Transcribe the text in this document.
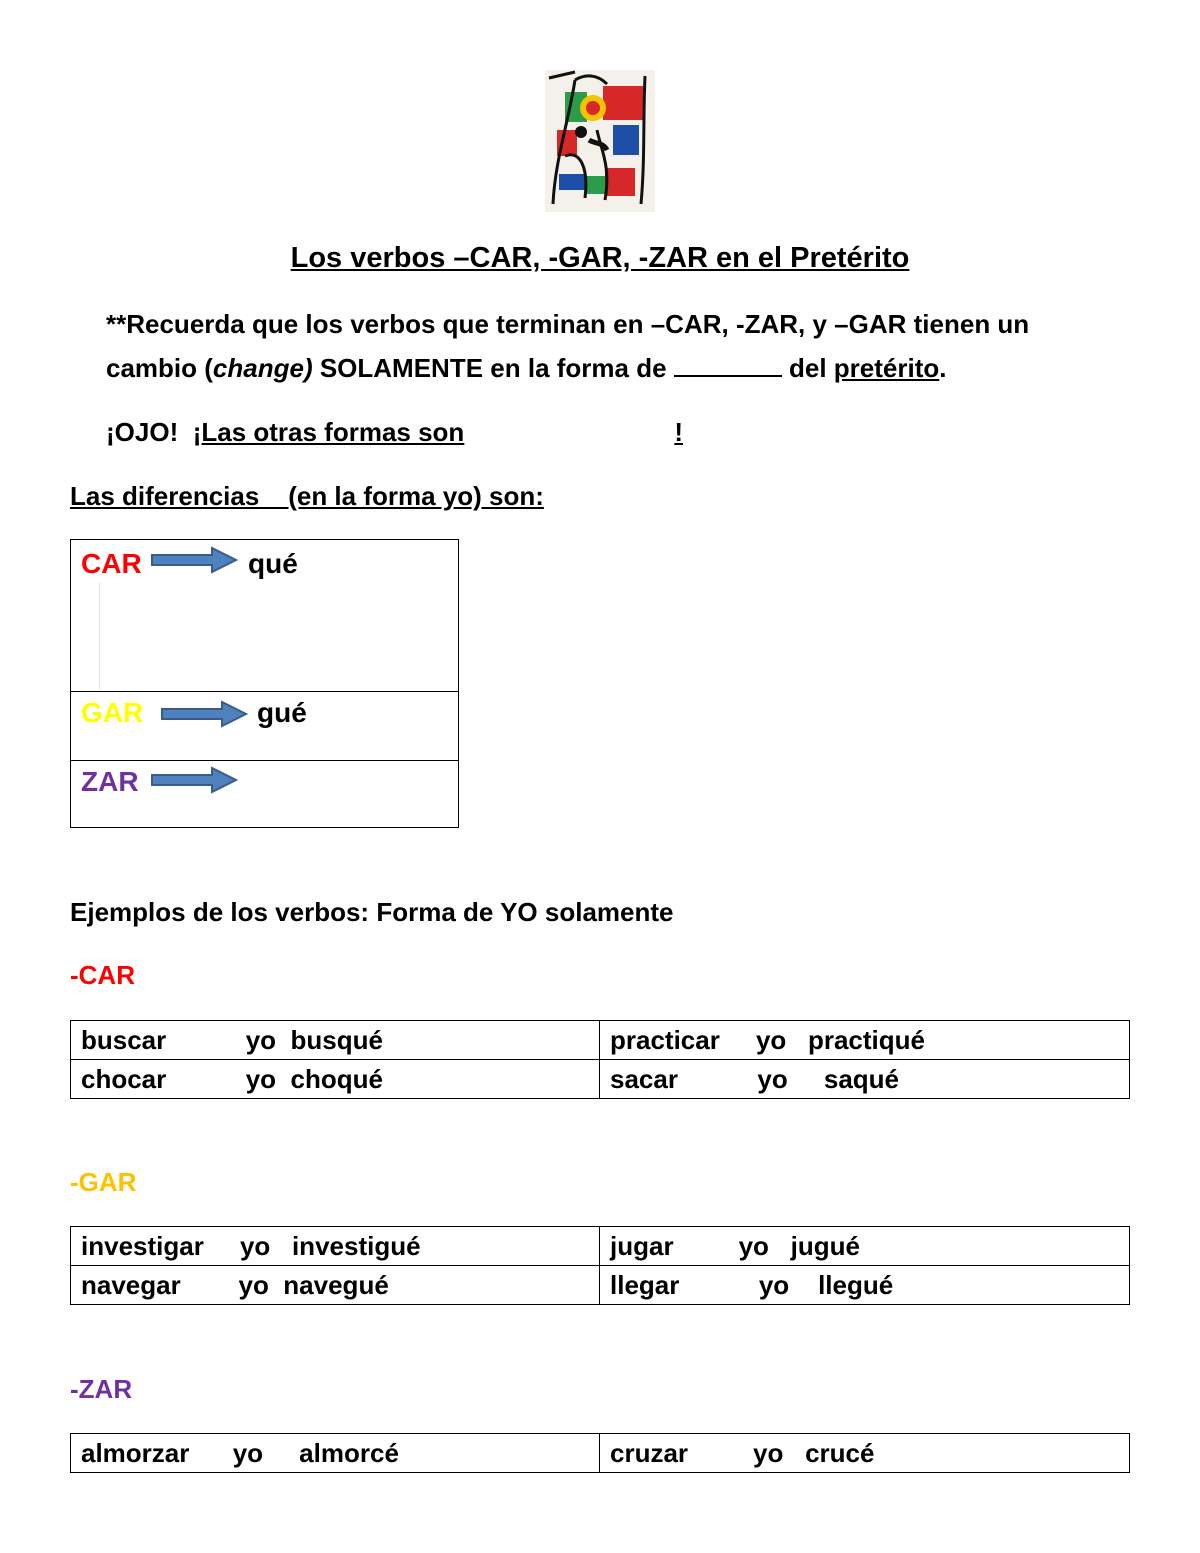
Los verbos –CAR, -GAR, -ZAR en el Pretérito
**Recuerda que los verbos que terminan en –CAR, -ZAR, y –GAR tienen un
cambio (change) SOLAMENTE en la forma de	del pretérito.
¡OJO! ¡Las otras formas son	!
Las diferencias    (en la forma yo) son:
CAR	qué
GAR	gué
ZAR
Ejemplos de los verbos: Forma de YO solamente
-CAR
buscar           yo  busqué	practicar     yo   practiqué
chocar           yo  choqué	sacar           yo     saqué
-GAR
investigar     yo   investigué	jugar         yo   jugué
navegar        yo  navegué	llegar           yo    llegué
-ZAR
almorzar      yo     almorcé	cruzar         yo   crucé
